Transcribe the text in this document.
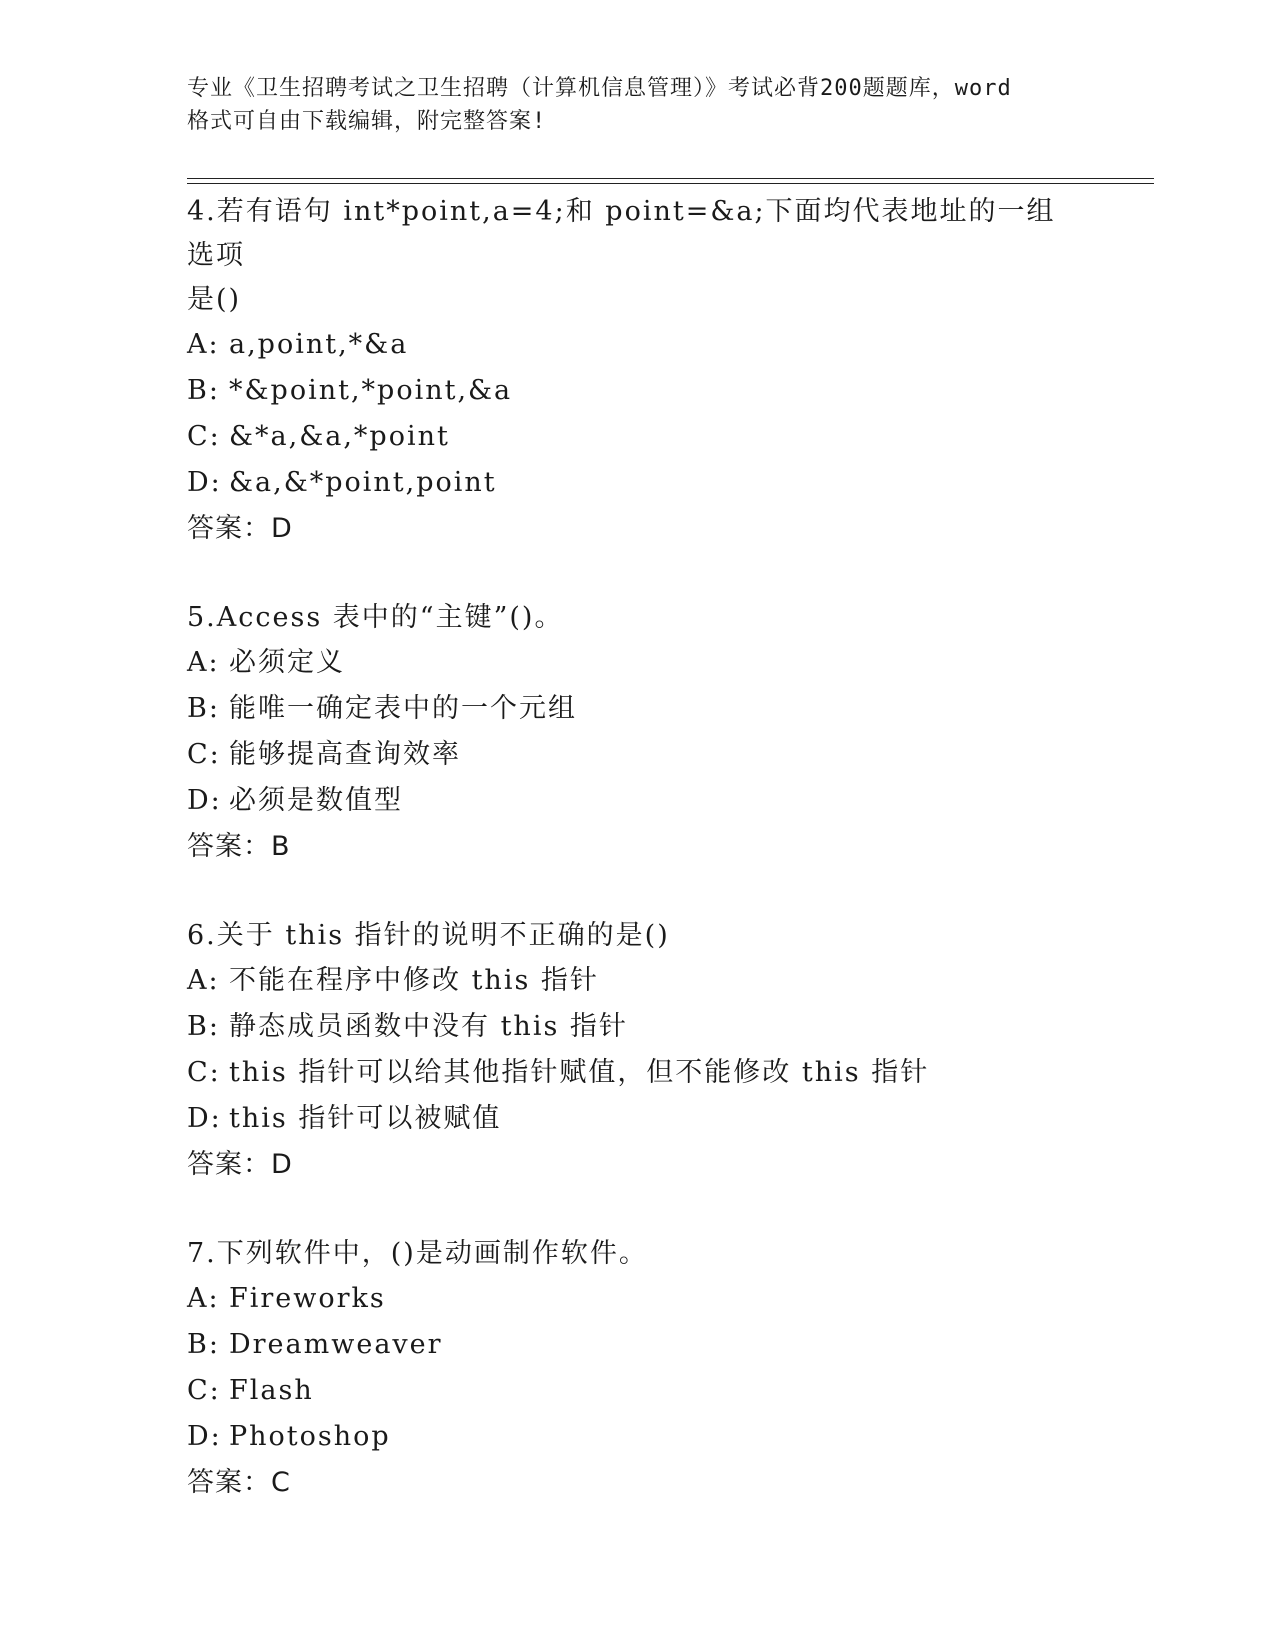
专业《卫生招聘考试之卫生招聘（计算机信息管理）》考试必背200题题库，word
格式可自由下载编辑，附完整答案!
4.若有语句 int*point,a=4;和 point=&a;下面均代表地址的一组选项
是()
A: a,point,*&a
B: *&point,*point,&a
C: &*a,&a,*point
D: &a,&*point,point
答案：D
5.Access 表中的“主键”()。
A: 必须定义
B: 能唯一确定表中的一个元组
C: 能够提高查询效率
D: 必须是数值型
答案：B
6.关于 this 指针的说明不正确的是()
A: 不能在程序中修改 this 指针
B: 静态成员函数中没有 this 指针
C: this 指针可以给其他指针赋值，但不能修改 this 指针
D: this 指针可以被赋值
答案：D
7.下列软件中，()是动画制作软件。
A: Fireworks
B: Dreamweaver
C: Flash
D: Photoshop
答案：C
